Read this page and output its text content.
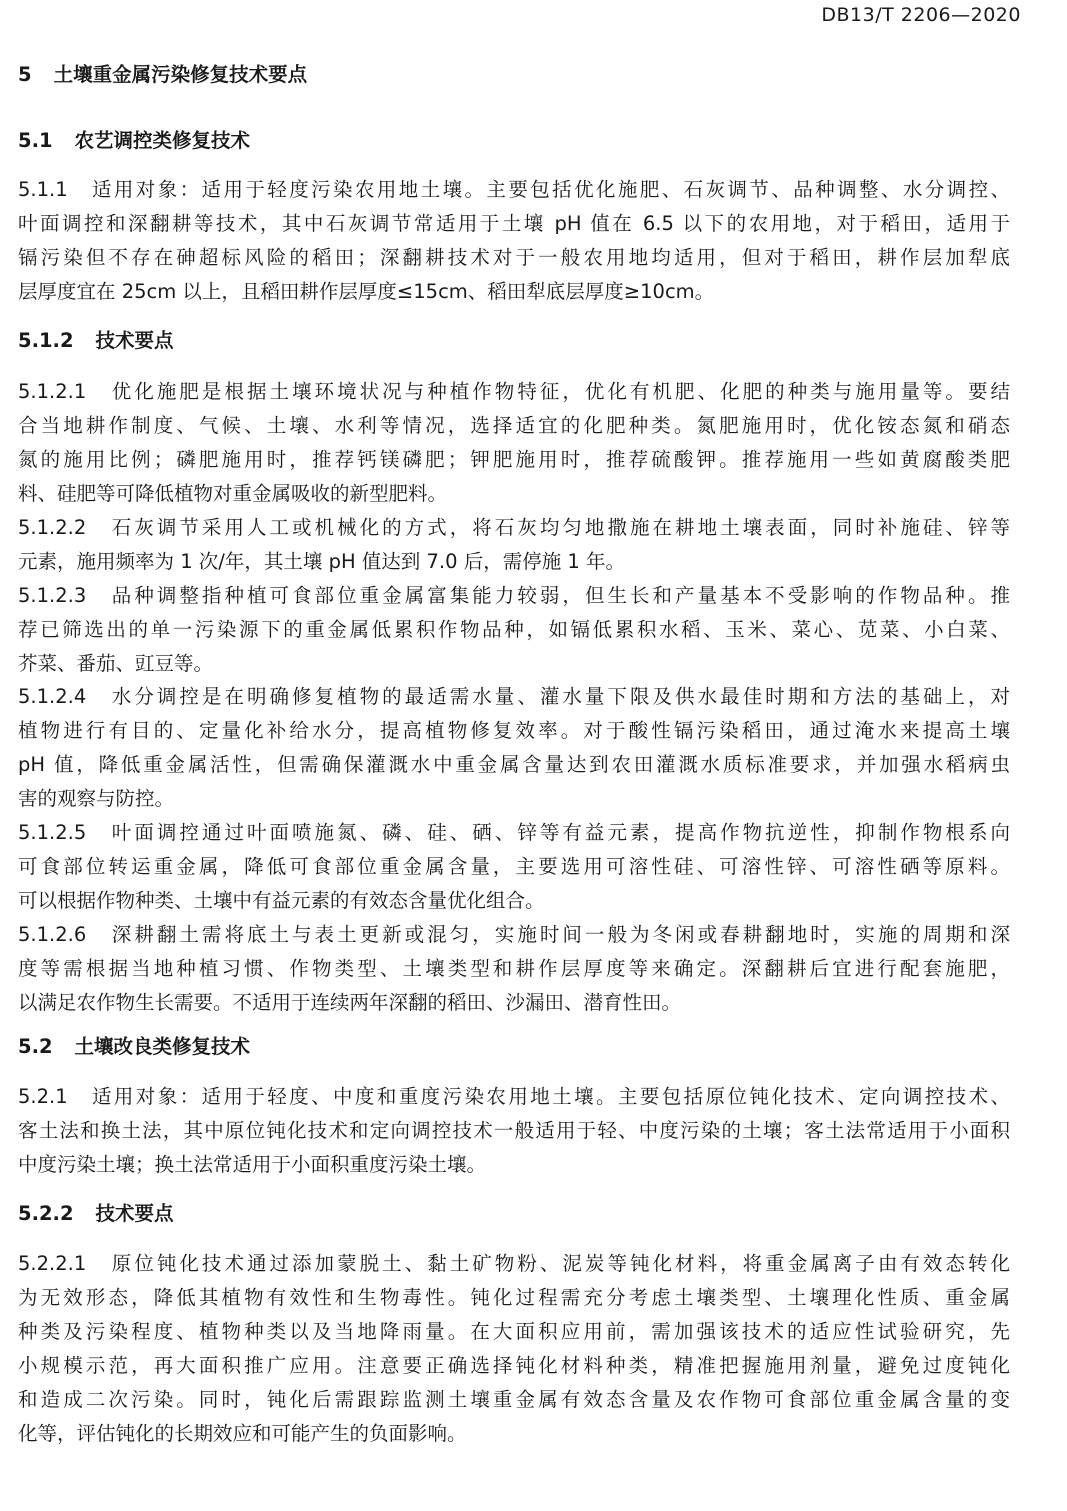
DB13/T 2206—2020
5 土壤重金属污染修复技术要点
5.1 农艺调控类修复技术
5.1.1　适用对象：适用于轻度污染农用地土壤。主要包括优化施肥、石灰调节、品种调整、水分调控、
叶面调控和深翻耕等技术，其中石灰调节常适用于土壤 pH 值在 6.5 以下的农用地，对于稻田，适用于
镉污染但不存在砷超标风险的稻田；深翻耕技术对于一般农用地均适用，但对于稻田，耕作层加犁底
层厚度宜在 25cm 以上，且稻田耕作层厚度≤15cm、稻田犁底层厚度≥10cm。
5.1.2 技术要点
5.1.2.1　优化施肥是根据土壤环境状况与种植作物特征，优化有机肥、化肥的种类与施用量等。要结
合当地耕作制度、气候、土壤、水利等情况，选择适宜的化肥种类。氮肥施用时，优化铵态氮和硝态
氮的施用比例；磷肥施用时，推荐钙镁磷肥；钾肥施用时，推荐硫酸钾。推荐施用一些如黄腐酸类肥
料、硅肥等可降低植物对重金属吸收的新型肥料。
5.1.2.2　石灰调节采用人工或机械化的方式，将石灰均匀地撒施在耕地土壤表面，同时补施硅、锌等
元素，施用频率为 1 次/年，其土壤 pH 值达到 7.0 后，需停施 1 年。
5.1.2.3　品种调整指种植可食部位重金属富集能力较弱，但生长和产量基本不受影响的作物品种。推
荐已筛选出的单一污染源下的重金属低累积作物品种，如镉低累积水稻、玉米、菜心、苋菜、小白菜、
芥菜、番茄、豇豆等。
5.1.2.4　水分调控是在明确修复植物的最适需水量、灌水量下限及供水最佳时期和方法的基础上，对
植物进行有目的、定量化补给水分，提高植物修复效率。对于酸性镉污染稻田，通过淹水来提高土壤
pH 值，降低重金属活性，但需确保灌溉水中重金属含量达到农田灌溉水质标准要求，并加强水稻病虫
害的观察与防控。
5.1.2.5　叶面调控通过叶面喷施氮、磷、硅、硒、锌等有益元素，提高作物抗逆性，抑制作物根系向
可食部位转运重金属，降低可食部位重金属含量，主要选用可溶性硅、可溶性锌、可溶性硒等原料。
可以根据作物种类、土壤中有益元素的有效态含量优化组合。
5.1.2.6　深耕翻土需将底土与表土更新或混匀，实施时间一般为冬闲或春耕翻地时，实施的周期和深
度等需根据当地种植习惯、作物类型、土壤类型和耕作层厚度等来确定。深翻耕后宜进行配套施肥，
以满足农作物生长需要。不适用于连续两年深翻的稻田、沙漏田、潜育性田。
5.2 土壤改良类修复技术
5.2.1　适用对象：适用于轻度、中度和重度污染农用地土壤。主要包括原位钝化技术、定向调控技术、
客土法和换土法，其中原位钝化技术和定向调控技术一般适用于轻、中度污染的土壤；客土法常适用于小面积
中度污染土壤；换土法常适用于小面积重度污染土壤。
5.2.2 技术要点
5.2.2.1　原位钝化技术通过添加蒙脱土、黏土矿物粉、泥炭等钝化材料，将重金属离子由有效态转化
为无效形态，降低其植物有效性和生物毒性。钝化过程需充分考虑土壤类型、土壤理化性质、重金属
种类及污染程度、植物种类以及当地降雨量。在大面积应用前，需加强该技术的适应性试验研究，先
小规模示范，再大面积推广应用。注意要正确选择钝化材料种类，精准把握施用剂量，避免过度钝化
和造成二次污染。同时，钝化后需跟踪监测土壤重金属有效态含量及农作物可食部位重金属含量的变
化等，评估钝化的长期效应和可能产生的负面影响。
